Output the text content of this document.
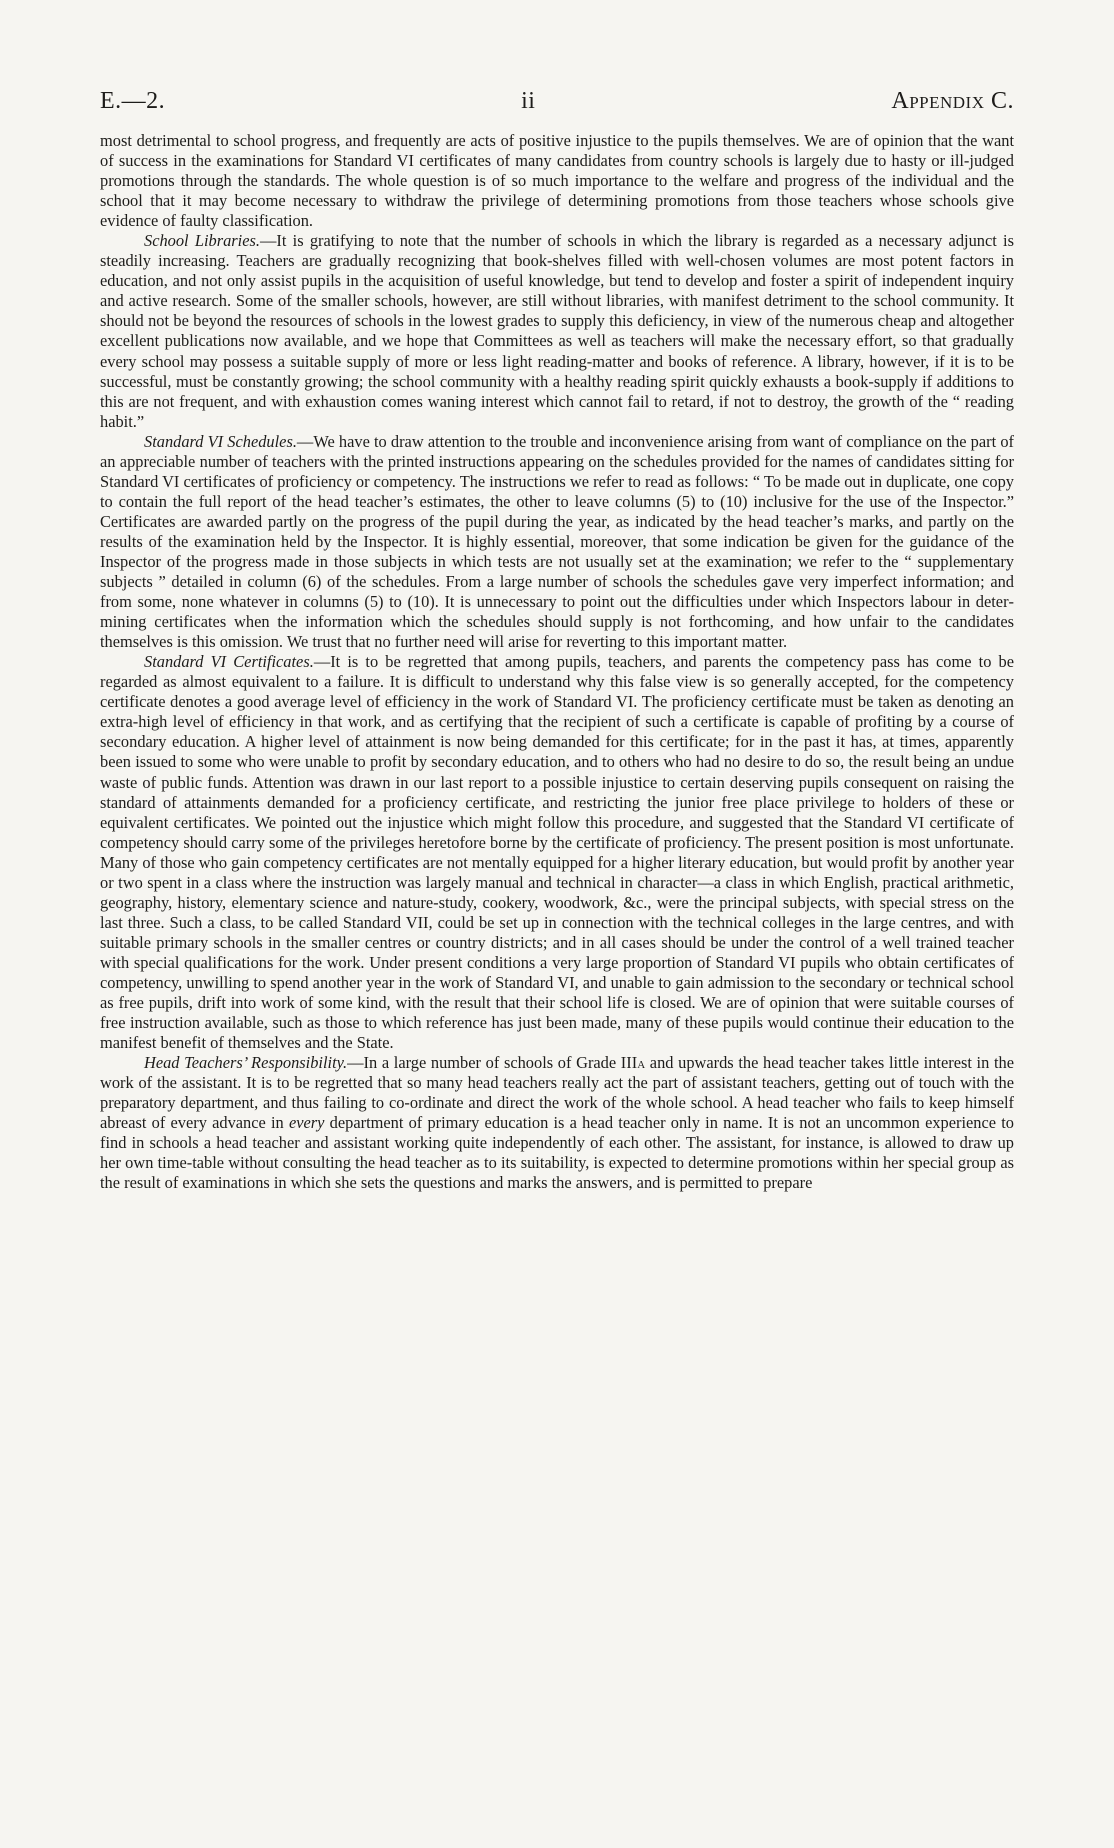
E.—2.	ii	Appendix C.

most detrimental to school progress, and frequently are acts of positive injustice to the pupils themselves. We are of opinion that the want of success in the examinations for Standard VI certificates of many candidates from country schools is largely due to hasty or ill-judged promotions through the standards. The whole question is of so much importance to the welfare and progress of the individual and the school that it may become necessary to withdraw the privilege of determining promotions from those teachers whose schools give evidence of faulty classification.

School Libraries.—It is gratifying to note that the number of schools in which the library is regarded as a necessary adjunct is steadily increasing. Teachers are gradually recognizing that book-shelves filled with well-chosen volumes are most potent factors in education, and not only assist pupils in the acquisition of useful knowledge, but tend to develop and foster a spirit of independent inquiry and active research. Some of the smaller schools, however, are still without libraries, with manifest detriment to the school community. It should not be beyond the resources of schools in the lowest grades to supply this deficiency, in view of the numerous cheap and altogether excellent publications now available, and we hope that Committees as well as teachers will make the necessary effort, so that gradually every school may possess a suitable supply of more or less light reading-matter and books of reference. A library, however, if it is to be successful, must be constantly growing; the school community with a healthy reading spirit quickly exhausts a book-supply if additions to this are not frequent, and with exhaustion comes waning interest which cannot fail to retard, if not to destroy, the growth of the “ reading habit.”

Standard VI Schedules.—We have to draw attention to the trouble and inconvenience arising from want of compliance on the part of an appreciable number of teachers with the printed instructions appearing on the schedules provided for the names of candidates sitting for Standard VI certificates of proficiency or competency. The instructions we refer to read as follows: “ To be made out in duplicate, one copy to contain the full report of the head teacher’s estimates, the other to leave columns (5) to (10) inclusive for the use of the Inspector.” Certificates are awarded partly on the progress of the pupil during the year, as indicated by the head teacher’s marks, and partly on the results of the examination held by the Inspector. It is highly essential, moreover, that some indication be given for the guidance of the Inspector of the progress made in those subjects in which tests are not usually set at the examination; we refer to the “ supplementary subjects ” detailed in column (6) of the schedules. From a large number of schools the schedules gave very imperfect information; and from some, none whatever in columns (5) to (10). It is unnecessary to point out the difficulties under which Inspectors labour in determining certificates when the information which the schedules should supply is not forthcoming, and how unfair to the candidates themselves is this omission. We trust that no further need will arise for reverting to this important matter.

Standard VI Certificates.—It is to be regretted that among pupils, teachers, and parents the competency pass has come to be regarded as almost equivalent to a failure. It is difficult to understand why this false view is so generally accepted, for the competency certificate denotes a good average level of efficiency in the work of Standard VI. The proficiency certificate must be taken as denoting an extra-high level of efficiency in that work, and as certifying that the recipient of such a certificate is capable of profiting by a course of secondary education. A higher level of attainment is now being demanded for this certificate; for in the past it has, at times, apparently been issued to some who were unable to profit by secondary education, and to others who had no desire to do so, the result being an undue waste of public funds. Attention was drawn in our last report to a possible injustice to certain deserving pupils consequent on raising the standard of attainments demanded for a proficiency certificate, and restricting the junior free place privilege to holders of these or equivalent certificates. We pointed out the injustice which might follow this procedure, and suggested that the Standard VI certificate of competency should carry some of the privileges heretofore borne by the certificate of proficiency. The present position is most unfortunate. Many of those who gain competency certificates are not mentally equipped for a higher literary education, but would profit by another year or two spent in a class where the instruction was largely manual and technical in character—a class in which English, practical arithmetic, geography, history, elementary science and nature-study, cookery, woodwork, &c., were the principal subjects, with special stress on the last three. Such a class, to be called Standard VII, could be set up in connection with the technical colleges in the large centres, and with suitable primary schools in the smaller centres or country districts; and in all cases should be under the control of a well trained teacher with special qualifications for the work. Under present conditions a very large proportion of Standard VI pupils who obtain certificates of competency, unwilling to spend another year in the work of Standard VI, and unable to gain admission to the secondary or technical school as free pupils, drift into work of some kind, with the result that their school life is closed. We are of opinion that were suitable courses of free instruction available, such as those to which reference has just been made, many of these pupils would continue their education to the manifest benefit of themselves and the State.

Head Teachers’ Responsibility.—In a large number of schools of Grade IIIa and upwards the head teacher takes little interest in the work of the assistant. It is to be regretted that so many head teachers really act the part of assistant teachers, getting out of touch with the preparatory department, and thus failing to co-ordinate and direct the work of the whole school. A head teacher who fails to keep himself abreast of every advance in every department of primary education is a head teacher only in name. It is not an uncommon experience to find in schools a head teacher and assistant working quite independently of each other. The assistant, for instance, is allowed to draw up her own time-table without consulting the head teacher as to its suitability, is expected to determine promotions within her special group as the result of examinations in which she sets the questions and marks the answers, and is permitted to prepare
